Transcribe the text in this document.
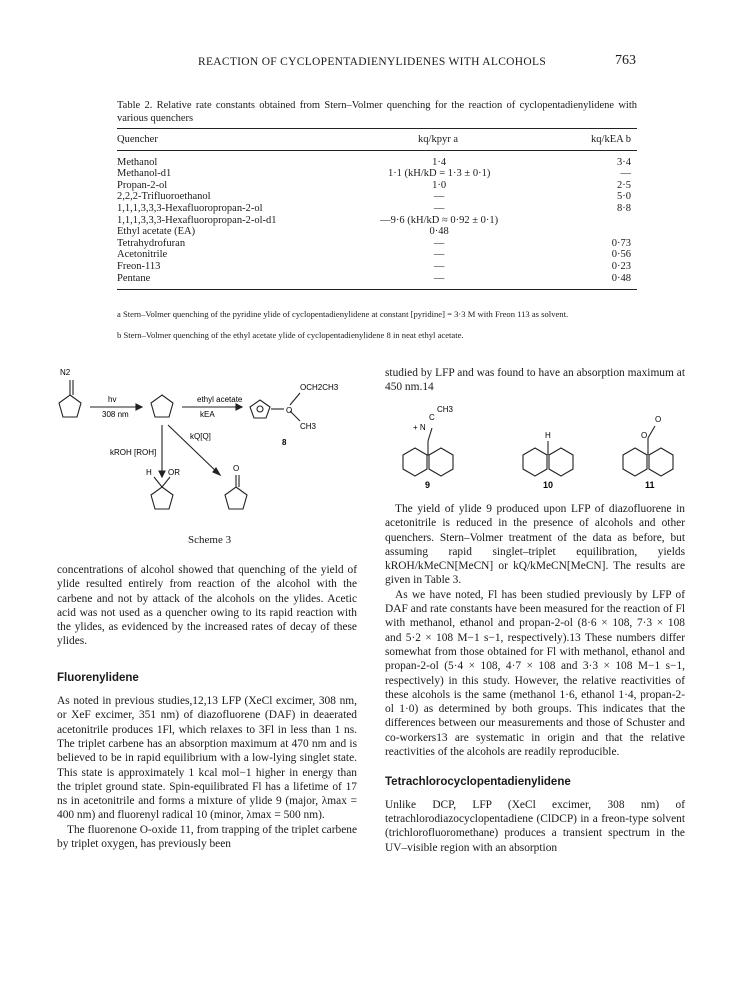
REACTION OF CYCLOPENTADIENYLIDENES WITH ALCOHOLS	763
Table 2. Relative rate constants obtained from Stern–Volmer quenching for the reaction of cyclopentadienylidene with various quenchers
Quencher	kq/kpyr a	kq/kEA b
Methanol	1·4	3·4
Methanol-d1	1·1 (kH/kD = 1·3 ± 0·1)	—
Propan-2-ol	1·0	2·5
2,2,2-Trifluoroethanol	—	5·0
1,1,1,3,3,3-Hexafluoropropan-2-ol	—	8·8
1,1,1,3,3,3-Hexafluoropropan-2-ol-d1	—9·6 (kH/kD ≈ 0·92 ± 0·1)	
Ethyl acetate (EA)	0·48	
Tetrahydrofuran	—	0·73
Acetonitrile	—	0·56
Freon-113	—	0·23
Pentane	—	0·48
a Stern–Volmer quenching of the pyridine ylide of cyclopentadienylidene at constant [pyridine] = 3·3 M with Freon 113 as solvent.
b Stern–Volmer quenching of the ethyl acetate ylide of cyclopentadienylidene 8 in neat ethyl acetate.
N2
hv
308 nm
ethyl acetate
kEA
OCH2CH3
CH3
O
8
kROH [ROH]
kQ[Q]
H OR	O
Scheme 3
+ N
C
CH3
H	O
O
9	10	11

concentrations of alcohol showed that quenching of the yield of ylide resulted entirely from reaction of the alcohol with the carbene and not by attack of the alcohols on the ylides. Acetic acid was not used as a quencher owing to its rapid reaction with the ylides, as evidenced by the increased rates of decay of these ylides.

Fluorenylidene

As noted in previous studies,12,13 LFP (XeCl excimer, 308 nm, or XeF excimer, 351 nm) of diazofluorene (DAF) in deaerated acetonitrile produces 1Fl, which relaxes to 3Fl in less than 1 ns. The triplet carbene has an absorption maximum at 470 nm and is believed to be in rapid equilibrium with a low-lying singlet state. This state is approximately 1 kcal mol−1 higher in energy than the triplet ground state. Spin-equilibrated Fl has a lifetime of 17 ns in acetonitrile and forms a mixture of ylide 9 (major, λmax = 400 nm) and fluorenyl radical 10 (minor, λmax = 500 nm).

The fluorenone O-oxide 11, from trapping of the triplet carbene by triplet oxygen, has previously been

studied by LFP and was found to have an absorption maximum at 450 nm.14

The yield of ylide 9 produced upon LFP of diazofluorene in acetonitrile is reduced in the presence of alcohols and other quenchers. Stern–Volmer treatment of the data as before, but assuming rapid singlet–triplet equilibration, yields kROH/kMeCN[MeCN] or kQ/kMeCN[MeCN]. The results are given in Table 3.

As we have noted, Fl has been studied previously by LFP of DAF and rate constants have been measured for the reaction of Fl with methanol, ethanol and propan-2-ol (8·6 × 108, 7·3 × 108 and 5·2 × 108 M−1 s−1, respectively).13 These numbers differ somewhat from those obtained for Fl with methanol, ethanol and propan-2-ol (5·4 × 108, 4·7 × 108 and 3·3 × 108 M−1 s−1, respectively) in this study. However, the relative reactivities of these alcohols is the same (methanol 1·6, ethanol 1·4, propan-2-ol 1·0) as determined by both groups. This indicates that the differences between our measurements and those of Schuster and co-workers13 are systematic in origin and that the relative reactivities of the alcohols are readily reproducible.

Tetrachlorocyclopentadienylidene

Unlike DCP, LFP (XeCl excimer, 308 nm) of tetrachlorodiazocyclopentadiene (ClDCP) in a freon-type solvent (trichlorofluoromethane) produces a transient spectrum in the UV–visible region with an absorption
